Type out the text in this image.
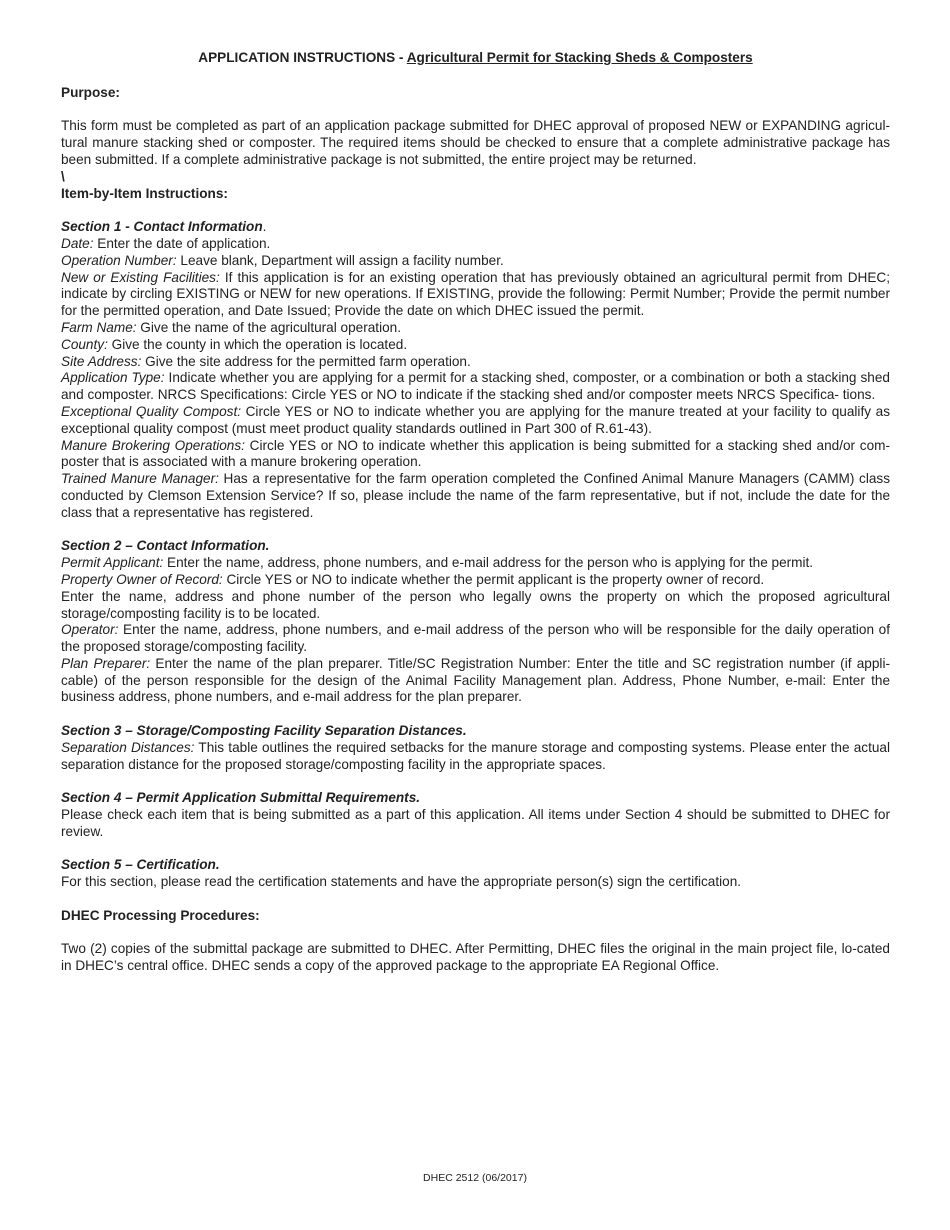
APPLICATION INSTRUCTIONS - Agricultural Permit for Stacking Sheds & Composters
Purpose:

This form must be completed as part of an application package submitted for DHEC approval of proposed NEW or EXPANDING agricul-tural manure stacking shed or composter. The required items should be checked to ensure that a complete administrative package has been submitted. If a complete administrative package is not submitted, the entire project may be returned.

\

Item-by-Item Instructions:

Section 1 - Contact Information.

Date: Enter the date of application.

Operation Number: Leave blank, Department will assign a facility number.

New or Existing Facilities: If this application is for an existing operation that has previously obtained an agricultural permit from DHEC; indicate by circling EXISTING or NEW for new operations. If EXISTING, provide the following: Permit Number; Provide the permit number for the permitted operation, and Date Issued; Provide the date on which DHEC issued the permit.

Farm Name: Give the name of the agricultural operation.

County: Give the county in which the operation is located.

Site Address: Give the site address for the permitted farm operation.

Application Type: Indicate whether you are applying for a permit for a stacking shed, composter, or a combination or both a stacking shed and composter. NRCS Specifications: Circle YES or NO to indicate if the stacking shed and/or composter meets NRCS Specifica- tions.

Exceptional Quality Compost: Circle YES or NO to indicate whether you are applying for the manure treated at your facility to qualify as exceptional quality compost (must meet product quality standards outlined in Part 300 of R.61-43).

Manure Brokering Operations: Circle YES or NO to indicate whether this application is being submitted for a stacking shed and/or com-poster that is associated with a manure brokering operation.

Trained Manure Manager: Has a representative for the farm operation completed the Confined Animal Manure Managers (CAMM) class conducted by Clemson Extension Service? If so, please include the name of the farm representative, but if not, include the date for the class that a representative has registered.

Section 2 – Contact Information.

Permit Applicant: Enter the name, address, phone numbers, and e-mail address for the person who is applying for the permit.

Property Owner of Record: Circle YES or NO to indicate whether the permit applicant is the property owner of record.

Enter the name, address and phone number of the person who legally owns the property on which the proposed agricultural storage/composting facility is to be located.

Operator: Enter the name, address, phone numbers, and e-mail address of the person who will be responsible for the daily operation of the proposed storage/composting facility.

Plan Preparer: Enter the name of the plan preparer. Title/SC Registration Number: Enter the title and SC registration number (if appli-cable) of the person responsible for the design of the Animal Facility Management plan. Address, Phone Number, e-mail: Enter the business address, phone numbers, and e-mail address for the plan preparer.

Section 3 – Storage/Composting Facility Separation Distances.

Separation Distances: This table outlines the required setbacks for the manure storage and composting systems. Please enter the actual separation distance for the proposed storage/composting facility in the appropriate spaces.

Section 4 – Permit Application Submittal Requirements.

Please check each item that is being submitted as a part of this application. All items under Section 4 should be submitted to DHEC for review.

Section 5 – Certification.

For this section, please read the certification statements and have the appropriate person(s) sign the certification.

DHEC Processing Procedures:

Two (2) copies of the submittal package are submitted to DHEC. After Permitting, DHEC files the original in the main project file, lo-cated in DHEC’s central office. DHEC sends a copy of the approved package to the appropriate EA Regional Office.

DHEC 2512 (06/2017)
